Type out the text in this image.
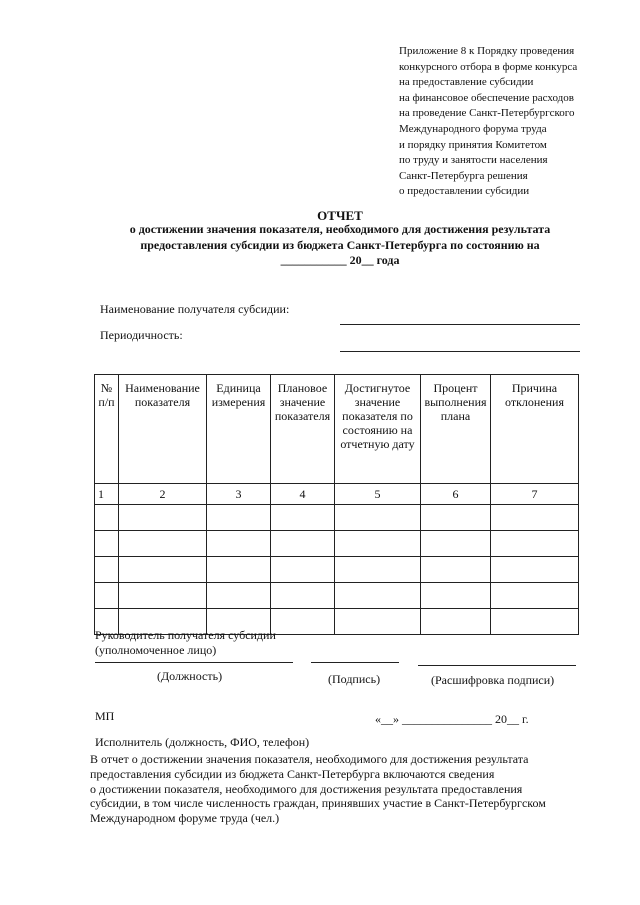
Приложение 8 к Порядку проведения
конкурсного отбора в форме конкурса
на предоставление субсидии
на финансовое обеспечение расходов
на проведение Санкт-Петербургского
Международного форума труда
и порядку принятия Комитетом
по труду и занятости населения
Санкт-Петербурга решения
о предоставлении субсидии
ОТЧЕТ
о достижении значения показателя, необходимого для достижения результата
предоставления субсидии из бюджета Санкт-Петербурга по состоянию на
___________ 20__ года
Наименование получателя субсидии:
Периодичность:
№ п/п	Наименование показателя	Единица измерения	Плановое значение показателя	Достигнутое значение показателя по состоянию на отчетную дату	Процент выполнения плана	Причина отклонения
1	2	3	4	5	6	7

Руководитель получателя субсидии
(уполномоченное лицо)
(Должность)	(Подпись)	(Расшифровка подписи)
МП	«__» _______________ 20__ г.
Исполнитель (должность, ФИО, телефон)
В отчет о достижении значения показателя, необходимого для достижения результата
предоставления субсидии из бюджета Санкт-Петербурга включаются сведения
о достижении показателя, необходимого для достижения результата предоставления
субсидии, в том числе численность граждан, принявших участие в Санкт-Петербургском
Международном форуме труда (чел.)
